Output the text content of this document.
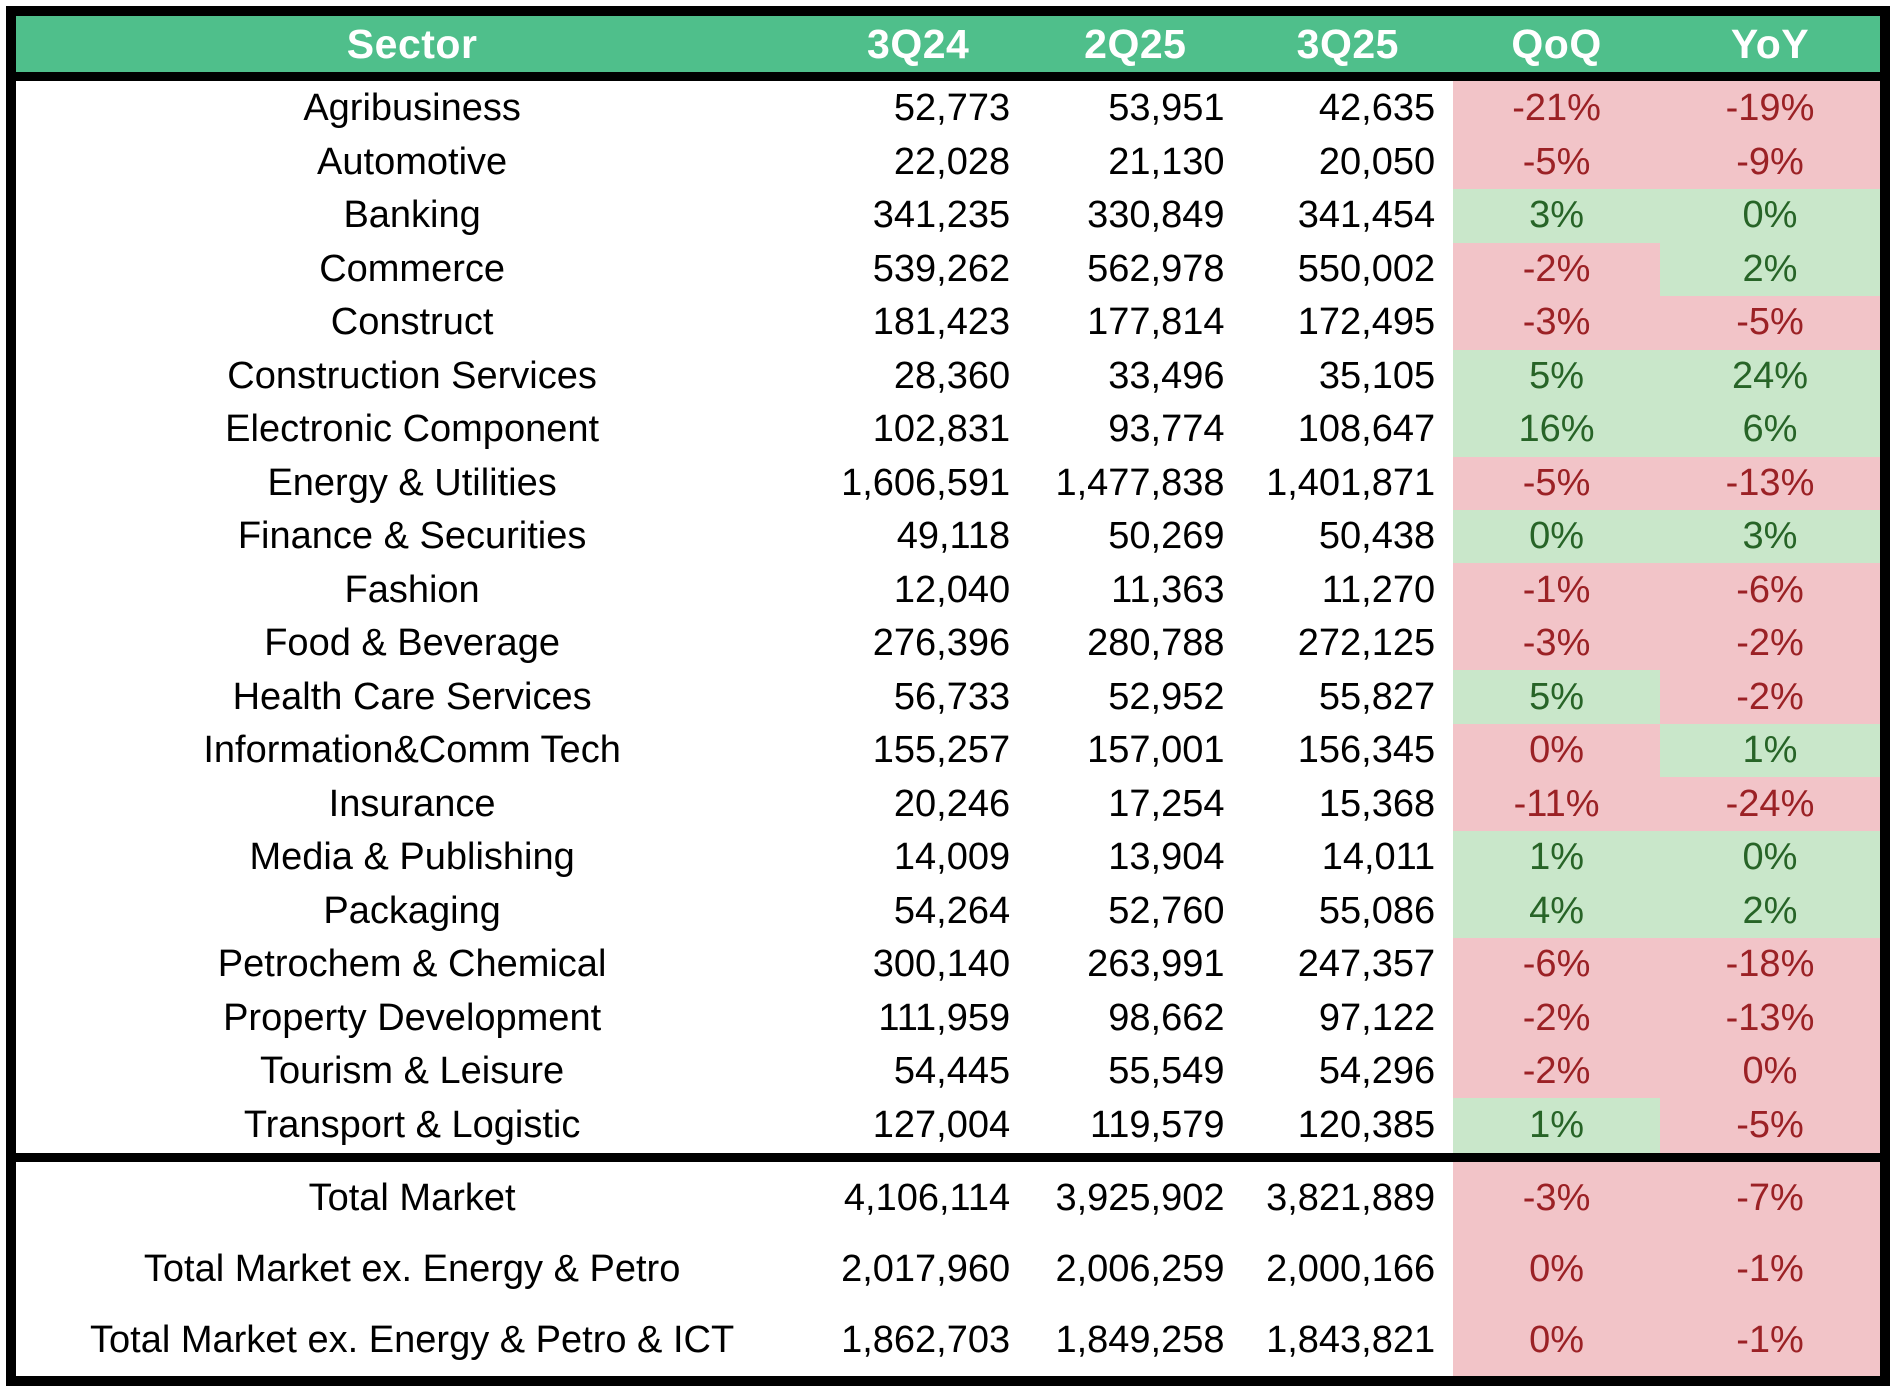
Sector	3Q24	2Q25	3Q25	QoQ	YoY
Agribusiness	52,773	53,951	42,635	-21%	-19%
Automotive	22,028	21,130	20,050	-5%	-9%
Banking	341,235	330,849	341,454	3%	0%
Commerce	539,262	562,978	550,002	-2%	2%
Construct	181,423	177,814	172,495	-3%	-5%
Construction Services	28,360	33,496	35,105	5%	24%
Electronic Component	102,831	93,774	108,647	16%	6%
Energy & Utilities	1,606,591	1,477,838	1,401,871	-5%	-13%
Finance & Securities	49,118	50,269	50,438	0%	3%
Fashion	12,040	11,363	11,270	-1%	-6%
Food & Beverage	276,396	280,788	272,125	-3%	-2%
Health Care Services	56,733	52,952	55,827	5%	-2%
Information&Comm Tech	155,257	157,001	156,345	0%	1%
Insurance	20,246	17,254	15,368	-11%	-24%
Media & Publishing	14,009	13,904	14,011	1%	0%
Packaging	54,264	52,760	55,086	4%	2%
Petrochem & Chemical	300,140	263,991	247,357	-6%	-18%
Property Development	111,959	98,662	97,122	-2%	-13%
Tourism & Leisure	54,445	55,549	54,296	-2%	0%
Transport & Logistic	127,004	119,579	120,385	1%	-5%
Total Market	4,106,114	3,925,902	3,821,889	-3%	-7%
Total Market ex. Energy & Petro	2,017,960	2,006,259	2,000,166	0%	-1%
Total Market ex. Energy & Petro & ICT	1,862,703	1,849,258	1,843,821	0%	-1%
